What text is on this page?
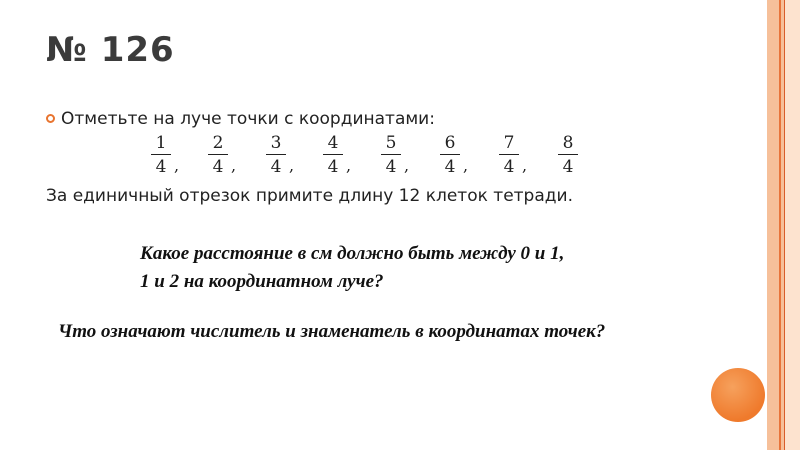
№ 126
Отметьте на луче точки с координатами:
1
4 ,
2
4 ,
3
4 ,
4
4 ,
5
4 ,
6
4 ,
7
4 ,
8
4
За единичный отрезок примите длину 12 клеток тетради.
Какое расстояние в см должно быть между 0 и 1,
1 и 2 на координатном луче?
Что означают числитель и знаменатель в координатах точек?
